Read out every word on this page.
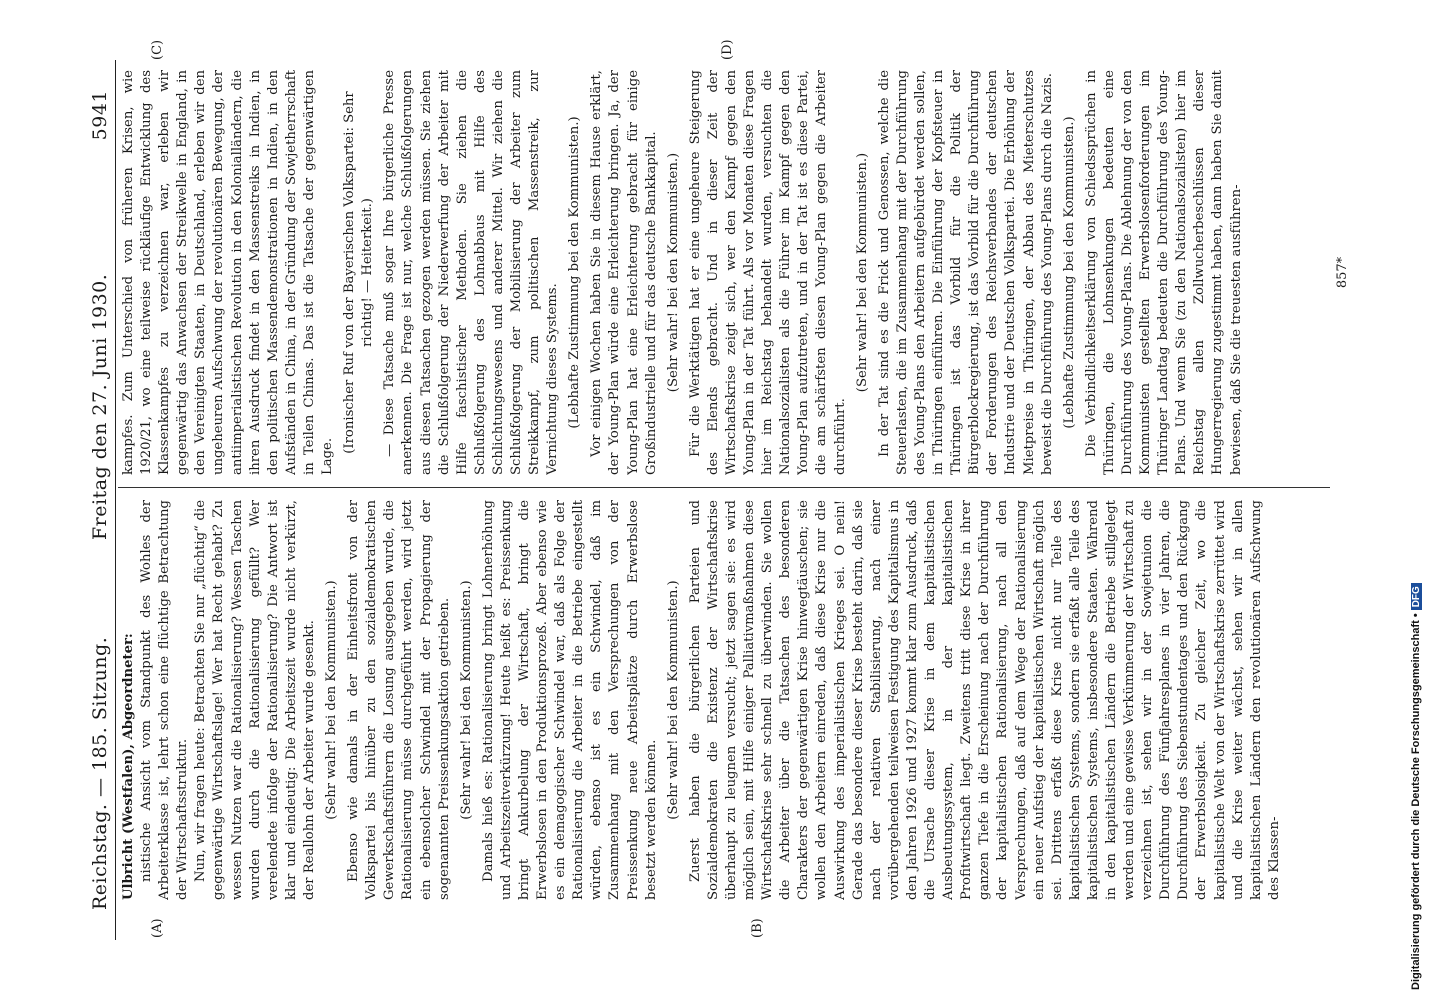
Reichstag. — 185. Sitzung.
Freitag den 27. Juni 1930.
5941
(A)	(B)
(C)	(D)

Ulbricht (Westfalen), Abgeordneter: nistische Ansicht vom Standpunkt des Wohles der Arbeiterklasse ist, lehrt schon eine flüchtige Betrachtung der Wirtschaftsstruktur. Nun, wir fragen heute: Betrachten Sie nur „flüchtig“ die gegenwärtige Wirtschaftslage! Wer hat Recht gehabt? Zu wessen Nutzen war die Rationalisierung? Wessen Taschen wurden durch die Rationalisierung gefüllt? Wer verelendete infolge der Rationalisierung? Die Antwort ist klar und eindeutig: Die Arbeitszeit wurde nicht verkürzt, der Reallohn der Arbeiter wurde gesenkt. (Sehr wahr! bei den Kommunisten.) Ebenso wie damals in der Einheitsfront von der Volkspartei bis hinüber zu den sozialdemokratischen Gewerkschaftsführern die Losung ausgegeben wurde, die Rationalisierung müsse durchgeführt werden, wird jetzt ein ebensolcher Schwindel mit der Propagierung der sogenannten Preissenkungsaktion getrieben. (Sehr wahr! bei den Kommunisten.) Damals hieß es: Rationalisierung bringt Lohnerhöhung und Arbeitszeitverkürzung! Heute heißt es: Preissenkung bringt Ankurbelung der Wirtschaft, bringt die Erwerbslosen in den Produktionsprozeß. Aber ebenso wie es ein demagogischer Schwindel war, daß als Folge der Rationalisierung die Arbeiter in die Betriebe eingestellt würden, ebenso ist es ein Schwindel, daß im Zusammenhang mit den Versprechungen von der Preissenkung neue Arbeitsplätze durch Erwerbslose besetzt werden können.

(Sehr wahr! bei den Kommunisten.) Zuerst haben die bürgerlichen Parteien und Sozialdemokraten die Existenz der Wirtschaftskrise überhaupt zu leugnen versucht; jetzt sagen sie: es wird möglich sein, mit Hilfe einiger Palliativmaßnahmen diese Wirtschaftskrise sehr schnell zu überwinden. Sie wollen die Arbeiter über die Tatsachen des besonderen Charakters der gegenwärtigen Krise hinwegtäuschen; sie wollen den Arbeitern einreden, daß diese Krise nur die Auswirkung des imperialistischen Krieges sei. O nein! Gerade das besondere dieser Krise besteht darin, daß sie nach der relativen Stabilisierung, nach einer vorübergehenden teilweisen Festigung des Kapitalismus in den Jahren 1926 und 1927 kommt klar zum Ausdruck, daß die Ursache dieser Krise in dem kapitalistischen Ausbeutungssystem, in der kapitalistischen Profitwirtschaft liegt. Zweitens tritt diese Krise in ihrer ganzen Tiefe in die Erscheinung nach der Durchführung der kapitalistischen Rationalisierung, nach all den Versprechungen, daß auf dem Wege der Rationalisierung ein neuer Aufstieg der kapitalistischen Wirtschaft möglich sei. Drittens erfaßt diese Krise nicht nur Teile des kapitalistischen Systems, sondern sie erfaßt alle Teile des kapitalistischen Systems, insbesondere Staaten. Während in den kapitalistischen Ländern die Betriebe stillgelegt werden und eine gewisse Verkümmerung der Wirtschaft zu verzeichnen ist, sehen wir in der Sowjetunion die Durchführung des Fünfjahresplanes in vier Jahren, die Durchführung des Siebenstundentages und den Rückgang der Erwerbslosigkeit. Zu gleicher Zeit, wo die kapitalistische Welt von der Wirtschaftskrise zerrüttet wird und die Krise weiter wächst, sehen wir in allen kapitalistischen Ländern den revolutionären Aufschwung des Klassen-

kampfes. Zum Unterschied von früheren Krisen, wie 1920/21, wo eine teilweise rückläufige Entwicklung des Klassenkampfes zu verzeichnen war, erleben wir gegenwärtig das Anwachsen der Streikwelle in England, in den Vereinigten Staaten, in Deutschland, erleben wir den ungeheuren Aufschwung der revolutionären Bewegung, der antiimperialistischen Revolution in den Kolonialländern, die ihren Ausdruck findet in den Massenstreiks in Indien, in den politischen Massendemonstrationen in Indien, in den Aufständen in China, in der Gründung der Sowjetherrschaft in Teilen Chinas. Das ist die Tatsache der gegenwärtigen Lage.

(Ironischer Ruf von der Bayerischen Volkspartei: Sehr richtig! — Heiterkeit.) — Diese Tatsache muß sogar Ihre bürgerliche Presse anerkennen. Die Frage ist nur, welche Schlußfolgerungen aus diesen Tatsachen gezogen werden müssen. Sie ziehen die Schlußfolgerung der Niederwerfung der Arbeiter mit Hilfe faschistischer Methoden. Sie ziehen die Schlußfolgerung des Lohnabbaus mit Hilfe des Schlichtungswesens und anderer Mittel. Wir ziehen die Schlußfolgerung der Mobilisierung der Arbeiter zum Streikkampf, zum politischen Massenstreik, zur Vernichtung dieses Systems. (Lebhafte Zustimmung bei den Kommunisten.) Vor einigen Wochen haben Sie in diesem Hause erklärt, der Young-Plan würde eine Erleichterung bringen. Ja, der Young-Plan hat eine Erleichterung gebracht für einige Großindustrielle und für das deutsche Bankkapital. (Sehr wahr! bei den Kommunisten.) Für die Werktätigen hat er eine ungeheure Steigerung des Elends gebracht. Und in dieser Zeit der Wirtschaftskrise zeigt sich, wer den Kampf gegen den Young-Plan in der Tat führt. Als vor Monaten diese Fragen hier im Reichstag behandelt wurden, versuchten die Nationalsozialisten als die Führer im Kampf gegen den Young-Plan aufzutreten, und in der Tat ist es diese Partei, die am schärfsten diesen Young-Plan gegen die Arbeiter durchführt.

(Sehr wahr! bei den Kommunisten.) In der Tat sind es die Frick und Genossen, welche die Steuerlasten, die im Zusammenhang mit der Durchführung des Young-Plans den Arbeitern aufgebürdet werden sollen, in Thüringen einführen. Die Einführung der Kopfsteuer in Thüringen ist das Vorbild für die Politik der Bürgerblockregierung, ist das Vorbild für die Durchführung der Forderungen des Reichsverbandes der deutschen Industrie und der Deutschen Volkspartei. Die Erhöhung der Mietpreise in Thüringen, der Abbau des Mieterschutzes beweist die Durchführung des Young-Plans durch die Nazis. (Lebhafte Zustimmung bei den Kommunisten.) Die Verbindlichkeitserklärung von Schiedssprüchen in Thüringen, die Lohnsenkungen bedeuten eine Durchführung des Young-Plans. Die Ablehnung der von den Kommunisten gestellten Erwerbslosenforderungen im Thüringer Landtag bedeuten die Durchführung des Young-Plans. Und wenn Sie (zu den Nationalsozialisten) hier im Reichstag allen Zollwucherbeschlüssen dieser Hungerregierung zugestimmt haben, dann haben Sie damit bewiesen, daß Sie die treuesten ausführen-	857*
Digitalisierung gefördert durch die Deutsche Forschungsgemeinschaft •DFG
